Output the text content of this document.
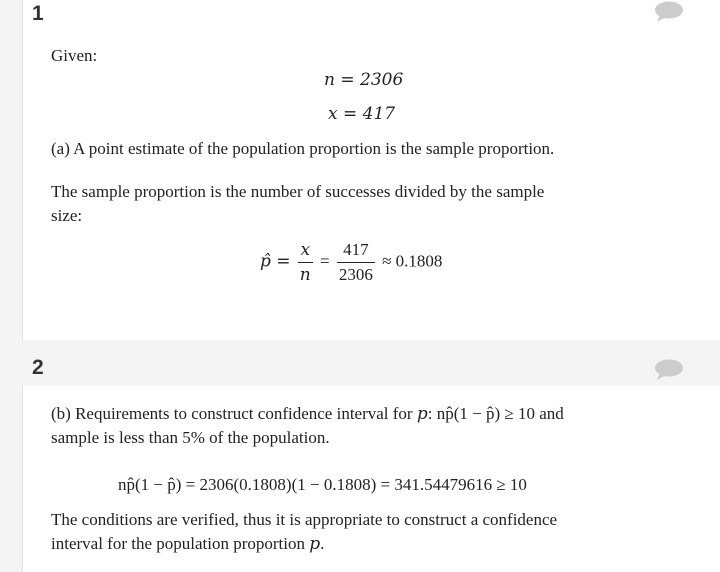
1
2
Given:
n = 2306
x = 417
(a) A point estimate of the population proportion is the sample proportion.
The sample proportion is the number of successes divided by the sample
size:
p̂ = $\frac{x}{n} = \frac{417}{2306} \approx 0.1808$
(b) Requirements to construct confidence interval for p: np̂(1 − p̂) ≥ 10 and
sample is less than 5% of the population.
np̂(1 − p̂) = 2306(0.1808)(1 − 0.1808) = 341.54479616 ≥ 10
The conditions are verified, thus it is appropriate to construct a confidence
interval for the population proportion p.
